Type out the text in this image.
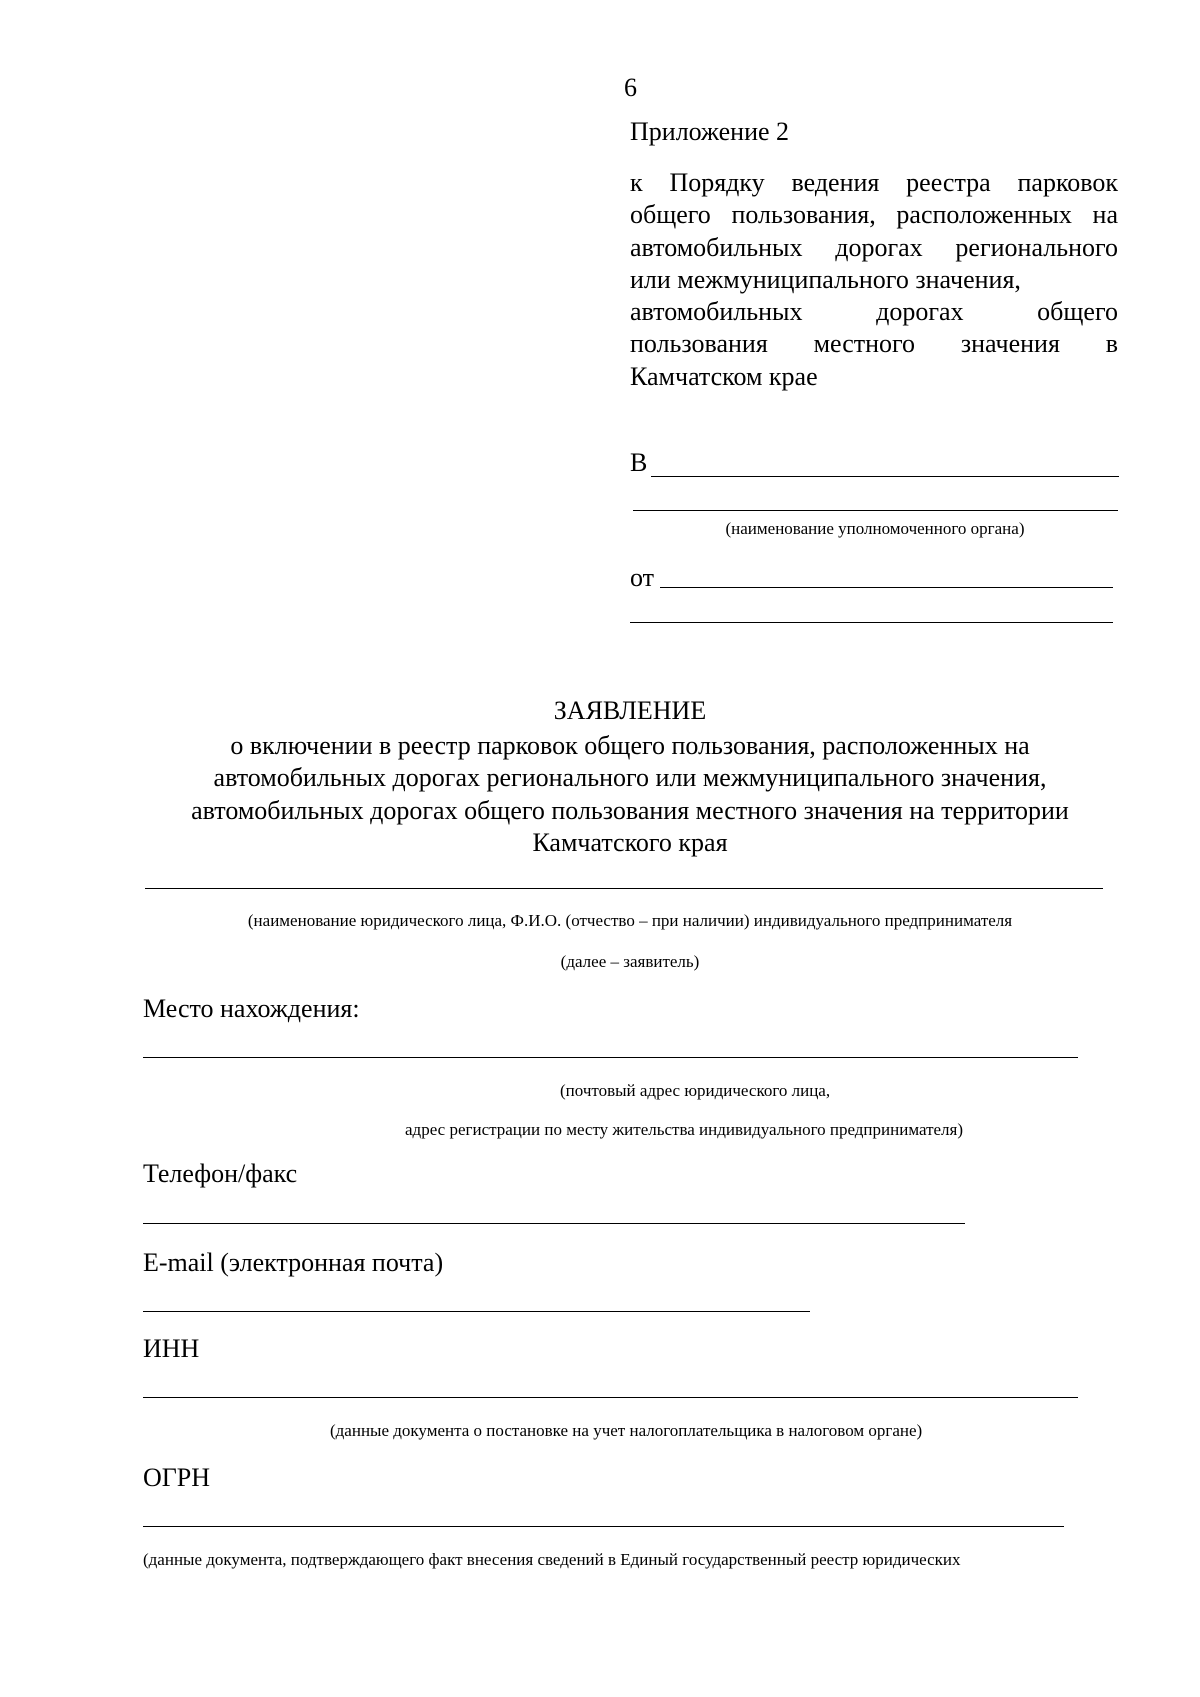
6
Приложение 2
к Порядку ведения реестра парковок
общего пользования, расположенных на
автомобильных дорогах регионального
или межмуниципального значения,
автомобильных дорогах общего
пользования местного значения в
Камчатском крае
В
(наименование уполномоченного органа)
от
ЗАЯВЛЕНИЕ
о включении в реестр парковок общего пользования, расположенных на
автомобильных дорогах регионального или межмуниципального значения,
автомобильных дорогах общего пользования местного значения на территории
Камчатского края
(наименование юридического лица, Ф.И.О. (отчество – при наличии) индивидуального предпринимателя
(далее – заявитель)
Место нахождения:
(почтовый адрес юридического лица,
адрес регистрации по месту жительства индивидуального предпринимателя)
Телефон/факс
E-mail (электронная почта)
ИНН
(данные документа о постановке на учет налогоплательщика в налоговом органе)
ОГРН
(данные документа, подтверждающего факт внесения сведений в Единый государственный реестр юридических
